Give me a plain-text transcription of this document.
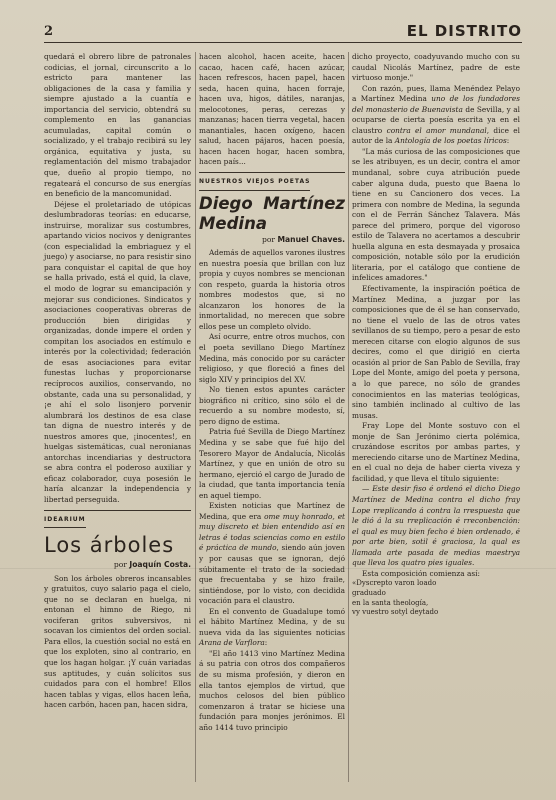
2	EL DISTRITO

quedará el obrero libre de patronales codicias, el jornal, circunscrito a lo estricto para mantener las obligaciones de la casa y familia y siempre ajustado a la cuantía e importancia del servicio, obtendrá su complemento en las ganancias acumuladas, capital común o socializado, y el trabajo recibirá su ley orgánica, equitativa y justa, su reglamentación del mismo trabajador que, dueño al propio tiempo, no regateará el concurso de sus energías en beneficio de la mancomunidad.

Déjese el proletariado de utópicas deslumbradoras teorías: en educarse, instruirse, moralizar sus costumbres, apartando vicios nocivos y denigrantes (con especialidad la embriaguez y el juego) y asociarse, no para resistir sino para conquistar el capital de que hoy se halla privado, está el quid, la clave, el modo de lograr su emancipación y mejorar sus condiciones. Sindicatos y asociaciones cooperativas obreras de producción bien dirigidas y organizadas, donde impere el orden y compitan los asociados en estímulo e interés por la colectividad; federación de esas asociaciones para evitar funestas luchas y proporcionarse recíprocos auxilios, conservando, no obstante, cada una su personalidad, y ¡e ahí el solo lisonjero porvenir alumbrará los destinos de esa clase tan digna de nuestro interés y de nuestros amores que, ¡inocentes!, en huelgas sistemáticas, cual neronianas antorchas incendiarias y destructora se abra contra el poderoso auxiliar y eficaz colaborador, cuya posesión le haría alcanzar la independencia y libertad perseguida.

IDEARIUM
Los árboles
por Joaquín Costa.

Son los árboles obreros incansables y gratuitos, cuyo salario paga el cielo, que no se declaran en huelga, ni entonan el himno de Riego, ni vociferan gritos subversivos, ni socavan los cimientos del orden social. Para ellos, la cuestión social no está en que los exploten, sino al contrario, en que los hagan holgar. ¡Y cuán variadas sus aptitudes, y cuán solícitos sus cuidados para con el hombre! Ellos hacen tablas y vigas, ellos hacen leña, hacen carbón, hacen pan, hacen sidra,

hacen alcohol, hacen aceite, hacen cacao, hacen café, hacen azúcar, hacen refrescos, hacen papel, hacen seda, hacen quina, hacen forraje, hacen uva, higos, dátiles, naranjas, melocotones, peras, cerezas y manzanas; hacen tierra vegetal, hacen manantiales, hacen oxígeno, hacen salud, hacen pájaros, hacen poesía, hacen hacen hogar, hacen sombra, hacen país...

NUESTROS VIEJOS POETAS
Diego Martínez Medina
por Manuel Chaves.

Además de aquellos varones ilustres en nuestra poesía que brillan con luz propia y cuyos nombres se mencionan con respeto, guarda la historia otros nombres modestos que, si no alcanzaron los honores de la inmortalidad, no merecen que sobre ellos pese un completo olvido.

Así ocurre, entre otros muchos, con el poeta sevillano Diego Martínez Medina, más conocido por su carácter religioso, y que floreció a fines del siglo XIV y principios del XV.

No tienen estos apuntes carácter biográfico ni crítico, sino sólo el de recuerdo a su nombre modesto, sí, pero digno de estima.

Patria fué Sevilla de Diego Martínez Medina y se sabe que fué hijo del Tesorero Mayor de Andalucía, Nicolás Martínez, y que en unión de otro su hermano, ejerció el cargo de Jurado de la ciudad, que tanta importancia tenía en aquel tiempo.

Existen noticias que Martínez de Medina, que era ome muy honrado, et muy discreto et bien entendido así en letras é todas sciencias como en estilo é práctica de mundo, siendo aún joven y por causas que se ignoran, dejó súbitamente el trato de la sociedad que frecuentaba y se hizo fraile, sintiéndose, por lo visto, con decidida vocación para el claustro.

En el convento de Guadalupe tomó el hábito Martínez Medina, y de su nueva vida da las siguientes noticias Arana de Varflora:

"El año 1413 vino Martínez Medina á su patria con otros dos compañeros de su misma profesión, y dieron en ella tantos ejemplos de virtud, que muchos celosos del bien público comenzaron á tratar se hiciese una fundación para monjes jerónimos. El año 1414 tuvo principio

dicho proyecto, coadyuvando mucho con su caudal Nicolás Martínez, padre de este virtuoso monje."

Con razón, pues, llama Menéndez Pelayo a Martínez Medina uno de los fundadores del monasterio de Buenavista de Sevilla, y al ocuparse de cierta poesía escrita ya en el claustro contra el amor mundanal, dice el autor de la Antología de los poetas líricos:

"La más curiosa de las composiciones que se les atribuyen, es un decir, contra el amor mundanal, sobre cuya atribución puede caber alguna duda, puesto que Baena lo tiene en su Cancionero dos veces. La primera con nombre de Medina, la segunda con el de Ferrán Sánchez Talavera. Más parece del primero, porque del vigoroso estilo de Talavera no acertamos a descubrir huella alguna en esta desmayada y prosaica composición, notable sólo por la erudición literaria, por el catálogo que contiene de infelices amadores."

Efectivamente, la inspiración poética de Martínez Medina, a juzgar por las composiciones que de él se han conservado, no tiene el vuelo de las de otros vates sevillanos de su tiempo, pero a pesar de esto merecen citarse con elogio algunos de sus decires, como el que dirigió en cierta ocasión al prior de San Pablo de Sevilla, fray Lope del Monte, amigo del poeta y persona, a lo que parece, no sólo de grandes conocimientos en las materias teológicas, sino también inclinado al cultivo de las musas.

Fray Lope del Monte sostuvo con el monje de San Jerónimo cierta polémica, cruzándose escritos por ambas partes, y mereciendo citarse uno de Martínez Medina, en el cual no deja de haber cierta viveza y facilidad, y que lleva el título siguiente:

— Este desir fiso é ordenó el dicho Diego Martínez de Medina contra el dicho fray Lope rreplicando á contra la rrespuesta que le dió á la su rreplicación é rreconbención: el qual es muy bien fecho é bien ordenado, é por arte bien, sotil é graciosa, la qual es llamada arte pasada de medias maestrya que lleva los quatro pies iguales.

Esta composición comienza así:

«Dyscrepto varon loado

graduado

en la santa theología,

vy vuestro sotyl deytado
